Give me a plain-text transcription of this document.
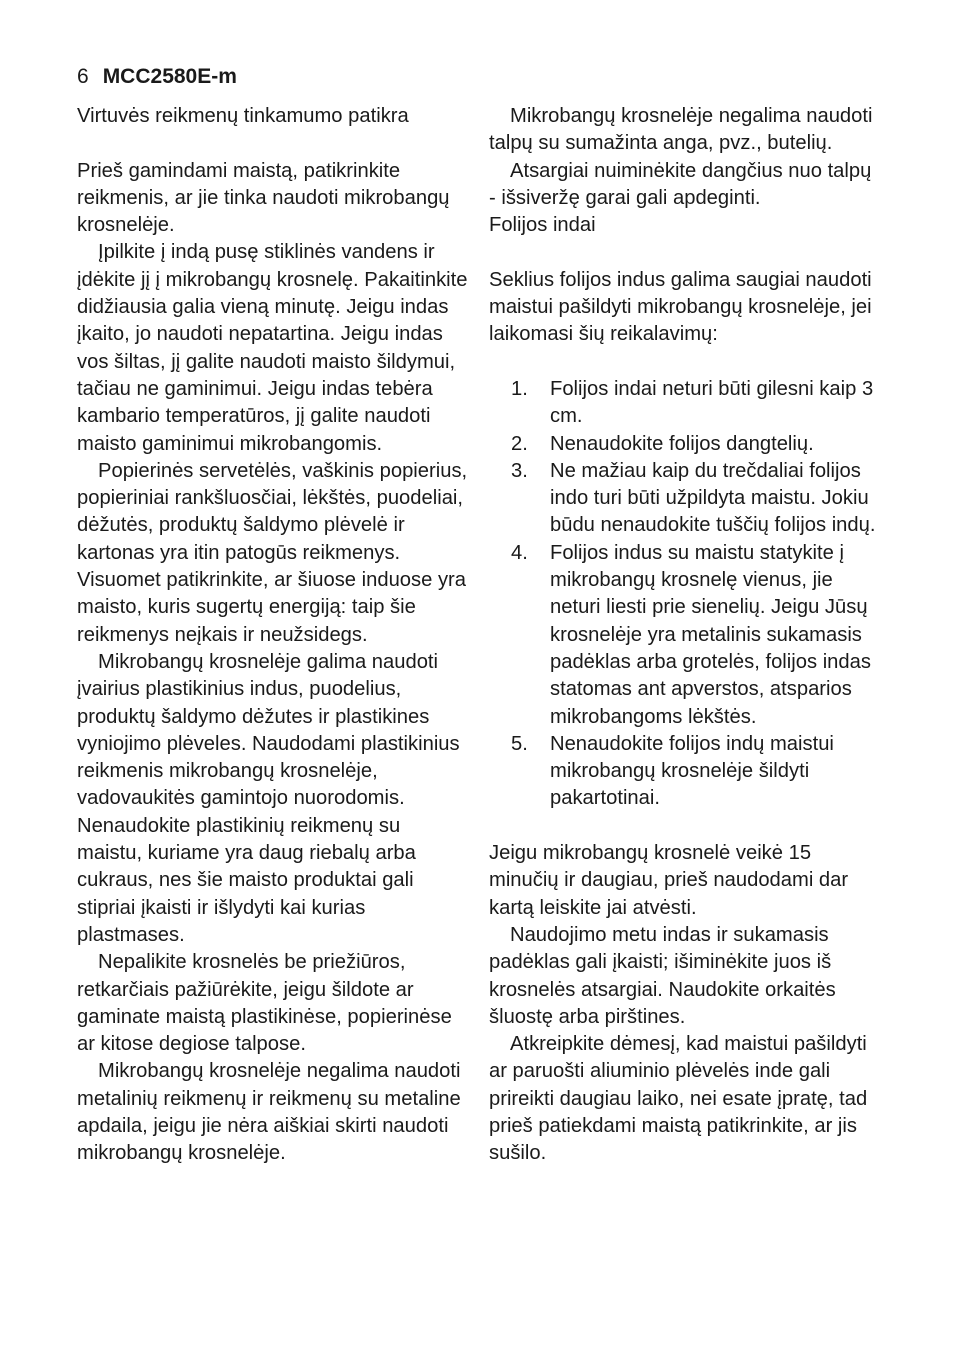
6 MCC2580E-m

Virtuvės reikmenų tinkamumo patikra

Prieš gamindami maistą, patikrinkite reikmenis, ar jie tinka naudoti mikrobangų krosnelėje.

Įpilkite į indą pusę stiklinės vandens ir įdėkite jį į mikrobangų krosnelę. Pakaitinkite didžiausia galia vieną minutę. Jeigu indas įkaito, jo naudoti nepatartina. Jeigu indas vos šiltas, jį galite naudoti maisto šildymui, tačiau ne gaminimui. Jeigu indas tebėra kambario temperatūros, jį galite naudoti maisto gaminimui mikrobangomis.

Popierinės servetėlės, vaškinis popierius, popieriniai rankšluosčiai, lėkštės, puodeliai, dėžutės, produktų šaldymo plėvelė ir kartonas yra itin patogūs reikmenys. Visuomet patikrinkite, ar šiuose induose yra maisto, kuris sugertų energiją: taip šie reikmenys neįkais ir neužsidegs.

Mikrobangų krosnelėje galima naudoti įvairius plastikinius indus, puodelius, produktų šaldymo dėžutes ir plastikines vyniojimo plėveles. Naudodami plastikinius reikmenis mikrobangų krosnelėje, vadovaukitės gamintojo nuorodomis. Nenaudokite plastikinių reikmenų su maistu, kuriame yra daug riebalų arba cukraus, nes šie maisto produktai gali stipriai įkaisti ir išlydyti kai kurias plastmases.

Nepalikite krosnelės be priežiūros, retkarčiais pažiūrėkite, jeigu šildote ar gaminate maistą plastikinėse, popierinėse ar kitose degiose talpose.

Mikrobangų krosnelėje negalima naudoti metalinių reikmenų ir reikmenų su metaline apdaila, jeigu jie nėra aiškiai skirti naudoti mikrobangų krosnelėje.

Mikrobangų krosnelėje negalima naudoti talpų su sumažinta anga, pvz., butelių.

Atsargiai nuiminėkite dangčius nuo talpų - išsiveržę garai gali apdeginti.

Folijos indai

Seklius folijos indus galima saugiai naudoti maistui pašildyti mikrobangų krosnelėje, jei laikomasi šių reikalavimų:

1.	Folijos indai neturi būti gilesni kaip 3 cm.
2.	Nenaudokite folijos dangtelių.
3.	Ne mažiau kaip du trečdaliai folijos indo turi būti užpildyta maistu. Jokiu būdu nenaudokite tuščių folijos indų.
4.	Folijos indus su maistu statykite į mikrobangų krosnelę vienus, jie neturi liesti prie sienelių. Jeigu Jūsų krosnelėje yra metalinis sukamasis padėklas arba grotelės, folijos indas statomas ant apverstos, atsparios mikrobangoms lėkštės.
5.	Nenaudokite folijos indų maistui mikrobangų krosnelėje šildyti pakartotinai.

Jeigu mikrobangų krosnelė veikė 15 minučių ir daugiau, prieš naudodami dar kartą leiskite jai atvėsti.

Naudojimo metu indas ir sukamasis padėklas gali įkaisti; išiminėkite juos iš krosnelės atsargiai. Naudokite orkaitės šluostę arba pirštines.

Atkreipkite dėmesį, kad maistui pašildyti ar paruošti aliuminio plėvelės inde gali prireikti daugiau laiko, nei esate įpratę, tad prieš patiekdami maistą patikrinkite, ar jis sušilo.
